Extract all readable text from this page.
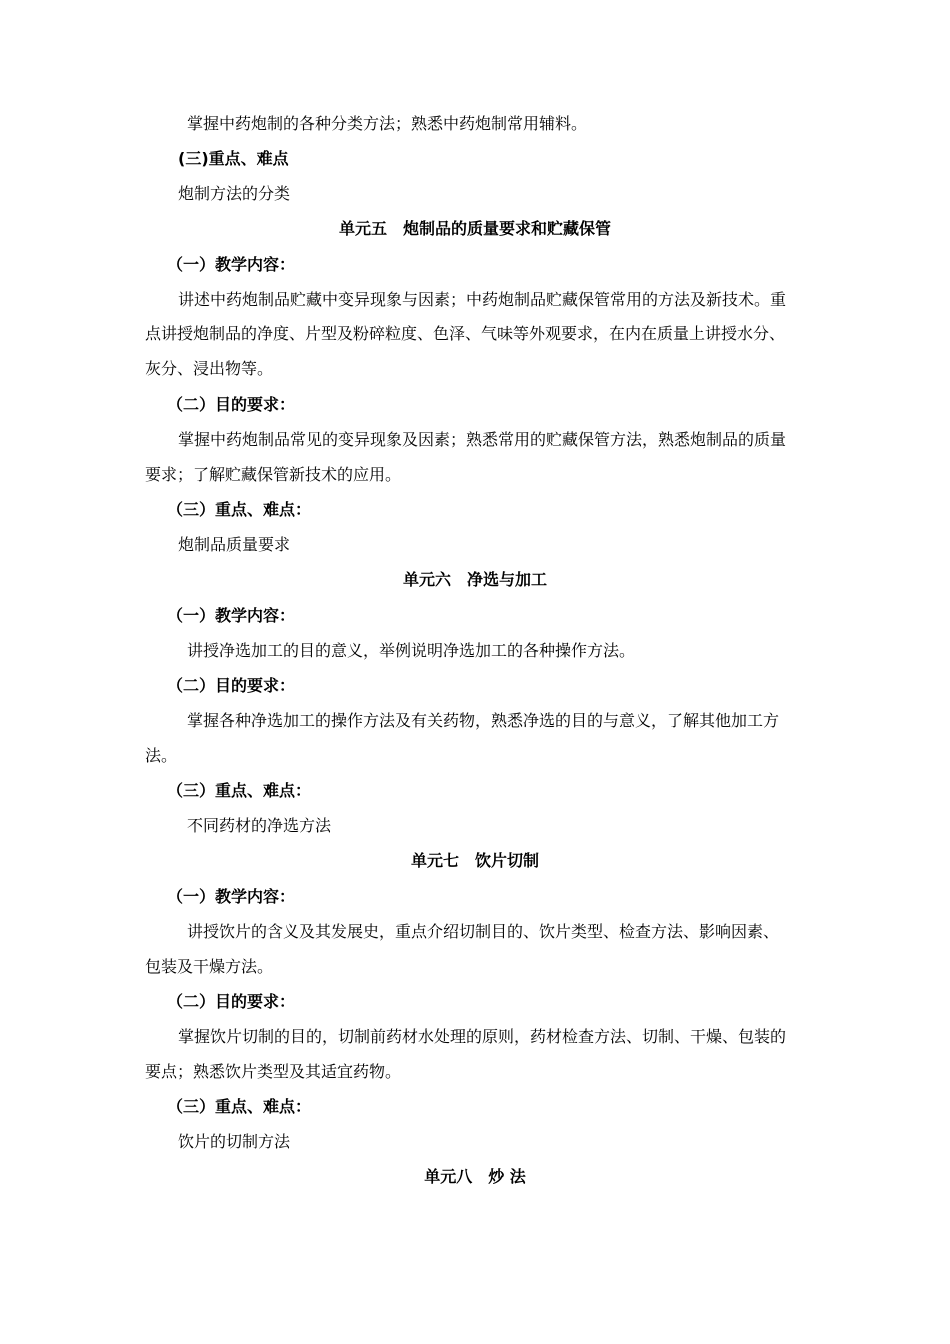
掌握中药炮制的各种分类方法；熟悉中药炮制常用辅料。
(三)重点、难点
炮制方法的分类
单元五　炮制品的质量要求和贮藏保管
（一）教学内容：
讲述中药炮制品贮藏中变异现象与因素；中药炮制品贮藏保管常用的方法及新技术。重
点讲授炮制品的净度、片型及粉碎粒度、色泽、气味等外观要求，在内在质量上讲授水分、
灰分、浸出物等。
（二）目的要求：
掌握中药炮制品常见的变异现象及因素；熟悉常用的贮藏保管方法，熟悉炮制品的质量
要求；了解贮藏保管新技术的应用。
（三）重点、难点：
炮制品质量要求
单元六　净选与加工
（一）教学内容：
讲授净选加工的目的意义，举例说明净选加工的各种操作方法。
（二）目的要求：
掌握各种净选加工的操作方法及有关药物，熟悉净选的目的与意义，了解其他加工方
法。
（三）重点、难点：
不同药材的净选方法
单元七　饮片切制
（一）教学内容：
讲授饮片的含义及其发展史，重点介绍切制目的、饮片类型、检查方法、影响因素、
包装及干燥方法。
（二）目的要求：
掌握饮片切制的目的，切制前药材水处理的原则，药材检查方法、切制、干燥、包装的
要点；熟悉饮片类型及其适宜药物。
（三）重点、难点：
饮片的切制方法
单元八　炒 法
